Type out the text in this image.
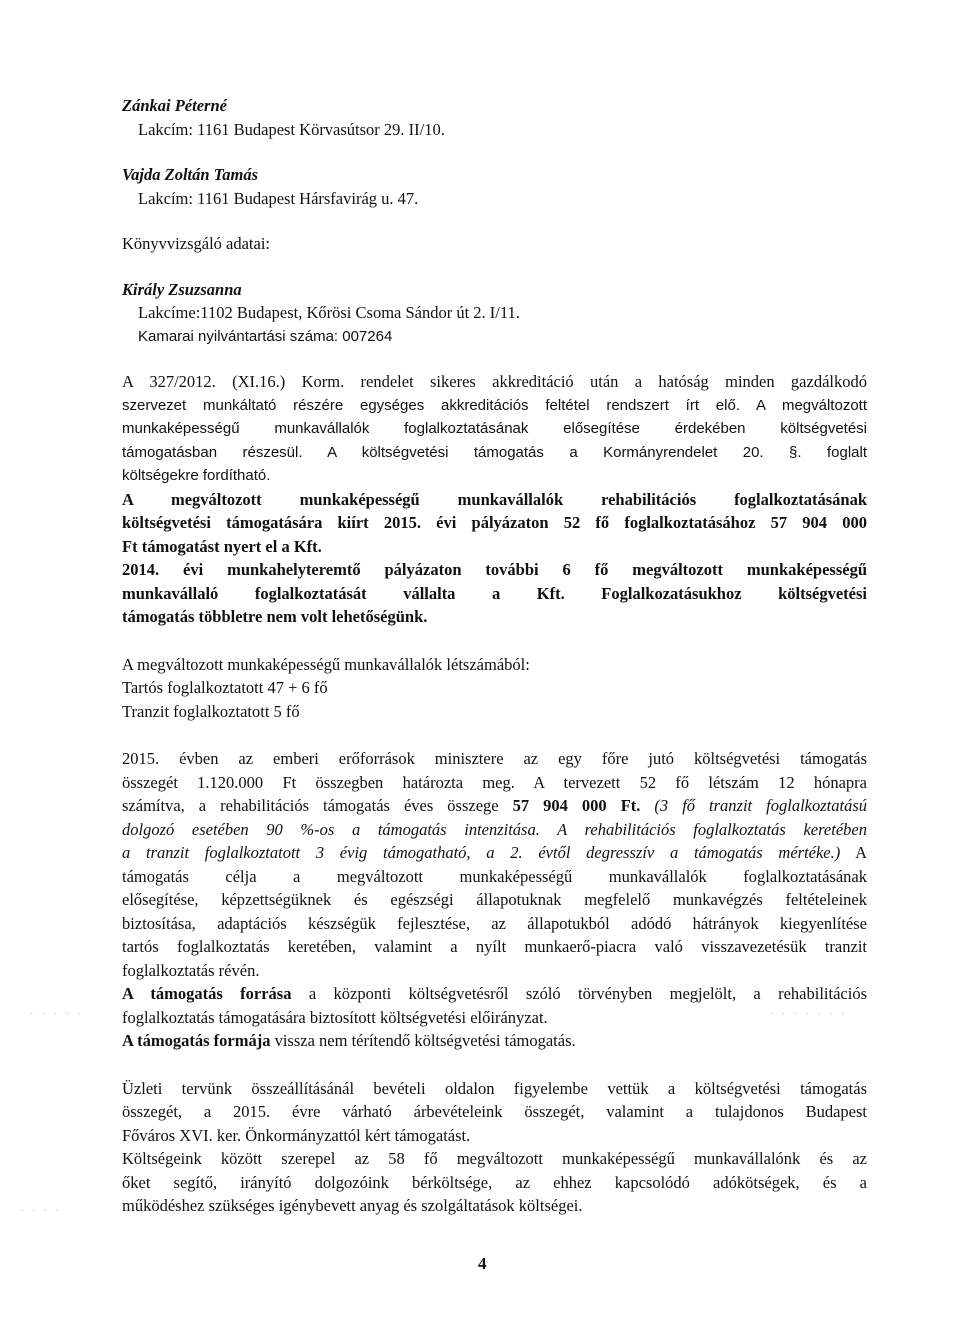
Zánkai Péterné
Lakcím: 1161 Budapest Körvasútsor 29. II/10.
Vajda Zoltán Tamás
Lakcím: 1161 Budapest Hársfavirág u. 47.
Könyvvizsgáló adatai:
Király Zsuzsanna
Lakcíme:1102 Budapest, Kőrösi Csoma Sándor út 2. I/11.
Kamarai nyilvántartási száma: 007264
A 327/2012. (XI.16.) Korm. rendelet sikeres akkreditáció után a hatóság minden gazdálkodó
szervezet munkáltató részére egységes akkreditációs feltétel rendszert írt elő. A megváltozott
munkaképességű munkavállalók foglalkoztatásának elősegítése érdekében költségvetési
támogatásban részesül. A költségvetési támogatás a Kormányrendelet 20. §. foglalt
költségekre fordítható.
A megváltozott munkaképességű munkavállalók rehabilitációs foglalkoztatásának
költségvetési támogatására kiírt 2015. évi pályázaton 52 fő foglalkoztatásához 57 904 000
Ft támogatást nyert el a Kft.
2014. évi munkahelyteremtő pályázaton további 6 fő megváltozott munkaképességű
munkavállaló foglalkoztatását vállalta a Kft. Foglalkozatásukhoz költségvetési
támogatás többletre nem volt lehetőségünk.
A megváltozott munkaképességű munkavállalók létszámából:
Tartós foglalkoztatott 47 + 6 fő
Tranzit foglalkoztatott 5 fő
2015. évben az emberi erőforrások minisztere az egy főre jutó költségvetési támogatás
összegét 1.120.000 Ft összegben határozta meg. A tervezett 52 fő létszám 12 hónapra
számítva, a rehabilitációs támogatás éves összege 57 904 000 Ft. (3 fő tranzit foglalkoztatású
dolgozó esetében 90 %-os a támogatás intenzitása. A rehabilitációs foglalkoztatás keretében
a tranzit foglalkoztatott 3 évig támogatható, a 2. évtől degresszív a támogatás mértéke.) A
támogatás célja a megváltozott munkaképességű munkavállalók foglalkoztatásának
elősegítése, képzettségüknek és egészségi állapotuknak megfelelő munkavégzés feltételeinek
biztosítása, adaptációs készségük fejlesztése, az állapotukból adódó hátrányok kiegyenlítése
tartós foglalkoztatás keretében, valamint a nyílt munkaerő-piacra való visszavezetésük tranzit
foglalkoztatás révén.
A támogatás forrása a központi költségvetésről szóló törvényben megjelölt, a rehabilitációs
foglalkoztatás támogatására biztosított költségvetési előirányzat.
A támogatás formája vissza nem térítendő költségvetési támogatás.
Üzleti tervünk összeállításánál bevételi oldalon figyelembe vettük a költségvetési támogatás
összegét, a 2015. évre várható árbevételeink összegét, valamint a tulajdonos Budapest
Főváros XVI. ker. Önkormányzattól kért támogatást.
Költségeink között szerepel az 58 fő megváltozott munkaképességű munkavállalónk és az
őket segítő, irányító dolgozóink bérköltsége, az ehhez kapcsolódó adókötségek, és a
működéshez szükséges igénybevett anyag és szolgáltatások költségei.
4
· · · · ·	· · · · · · ·
· · · ·
